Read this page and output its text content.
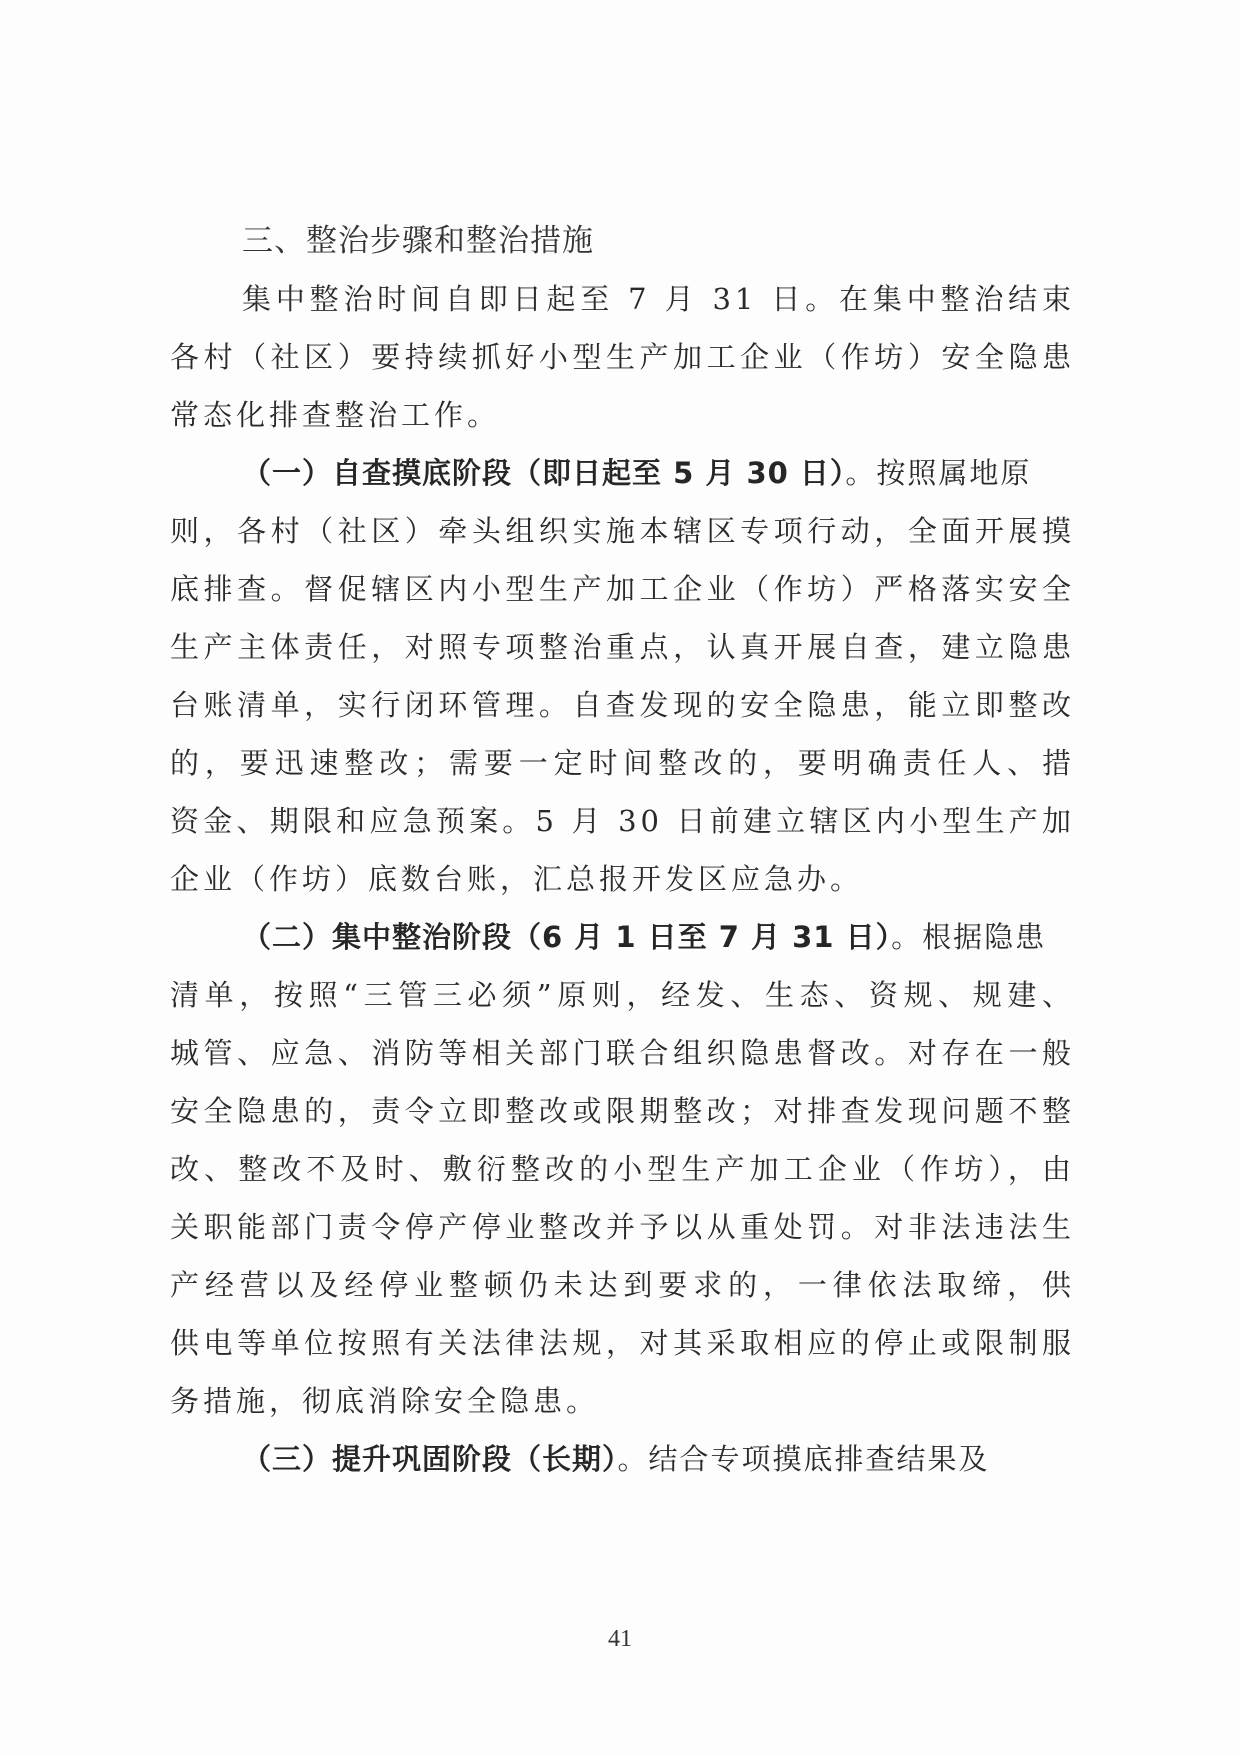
三、整治步骤和整治措施
集中整治时间自即日起至 7 月 31 日。在集中整治结束
各村（社区）要持续抓好小型生产加工企业（作坊）安全隐患
常态化排查整治工作。
（一）自查摸底阶段（即日起至 5 月 30 日）。按照属地原
则，各村（社区）牵头组织实施本辖区专项行动，全面开展摸
底排查。督促辖区内小型生产加工企业（作坊）严格落实安全
生产主体责任，对照专项整治重点，认真开展自查，建立隐患
台账清单，实行闭环管理。自查发现的安全隐患，能立即整改
的，要迅速整改；需要一定时间整改的，要明确责任人、措
资金、期限和应急预案。5 月 30 日前建立辖区内小型生产加
企业（作坊）底数台账，汇总报开发区应急办。
（二）集中整治阶段（6 月 1 日至 7 月 31 日）。根据隐患
清单，按照“三管三必须”原则，经发、生态、资规、规建、
城管、应急、消防等相关部门联合组织隐患督改。对存在一般
安全隐患的，责令立即整改或限期整改；对排查发现问题不整
改、整改不及时、敷衍整改的小型生产加工企业（作坊），由
关职能部门责令停产停业整改并予以从重处罚。对非法违法生
产经营以及经停业整顿仍未达到要求的，一律依法取缔，供
供电等单位按照有关法律法规，对其采取相应的停止或限制服
务措施，彻底消除安全隐患。
（三）提升巩固阶段（长期）。结合专项摸底排查结果及
41
